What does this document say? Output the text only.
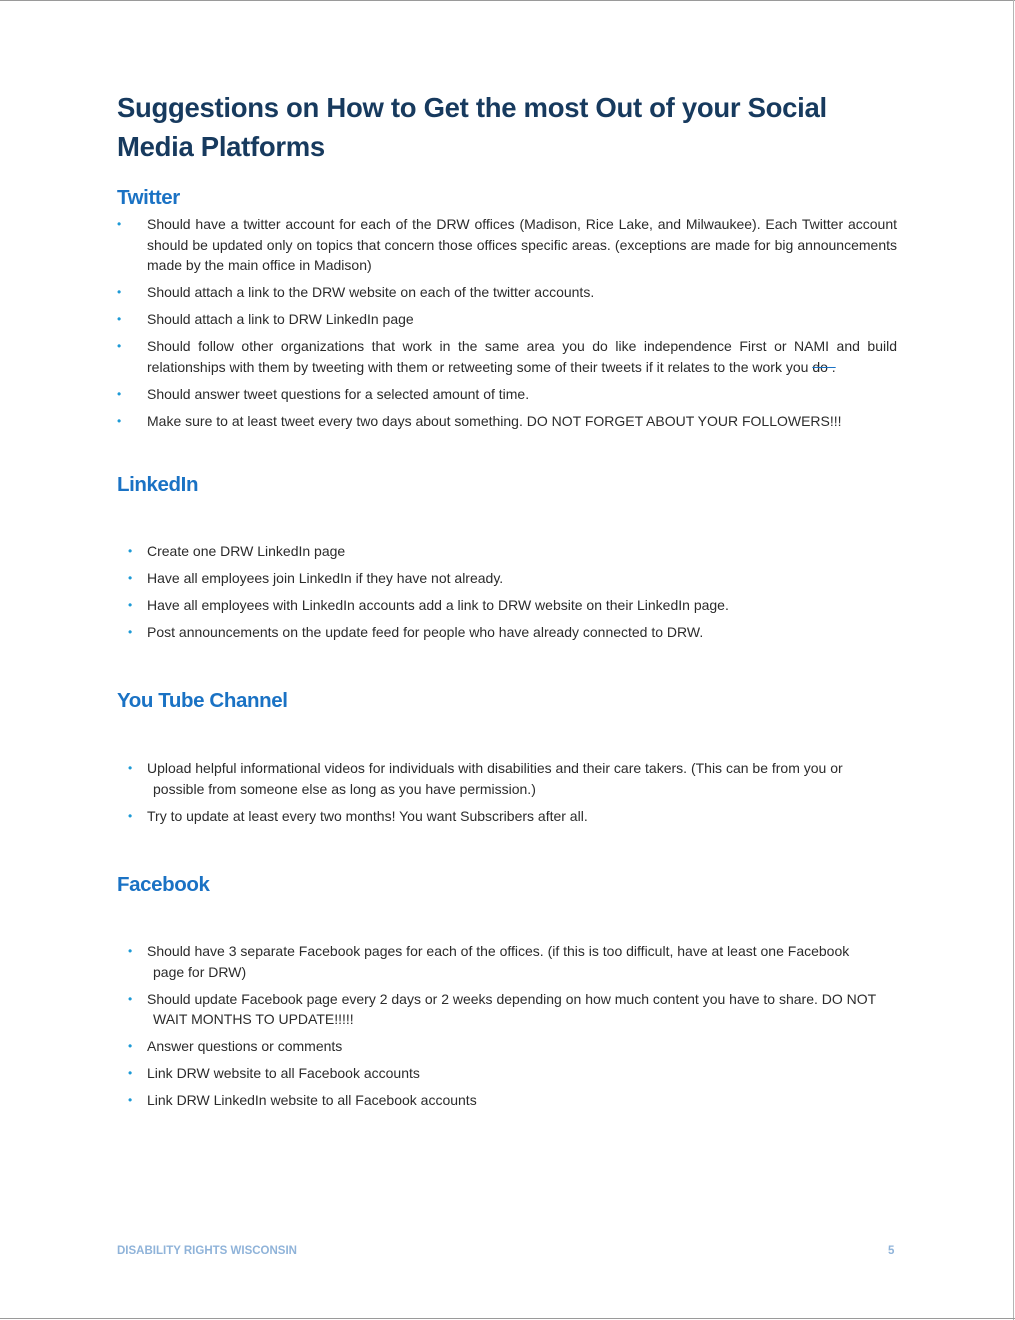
Suggestions on How to Get the most Out of your Social Media Platforms
Twitter
• Should have a twitter account for each of the DRW offices (Madison, Rice Lake, and Milwaukee). Each Twitter account should be updated only on topics that concern those offices specific areas. (exceptions are made for big announcements made by the main office in Madison)
• Should attach a link to the DRW website on each of the twitter accounts.
• Should attach a link to DRW LinkedIn page
• Should follow other organizations that work in the same area you do like independence First or NAMI and build relationships with them by tweeting with them or retweeting some of their tweets if it relates to the work you do .
• Should answer tweet questions for a selected amount of time.
• Make sure to at least tweet every two days about something. DO NOT FORGET ABOUT YOUR FOLLOWERS!!!
LinkedIn
• Create one DRW LinkedIn page
• Have all employees join LinkedIn if they have not already.
• Have all employees with LinkedIn accounts add a link to DRW website on their LinkedIn page.
• Post announcements on the update feed for people who have already connected to DRW.
You Tube Channel
• Upload helpful informational videos for individuals with disabilities and their care takers. (This can be from you or
possible from someone else as long as you have permission.)
• Try to update at least every two months! You want Subscribers after all.
Facebook
• Should have 3 separate Facebook pages for each of the offices. (if this is too difficult, have at least one Facebook
page for DRW)
• Should update Facebook page every 2 days or 2 weeks depending on how much content you have to share. DO NOT
WAIT MONTHS TO UPDATE!!!!!
• Answer questions or comments
• Link DRW website to all Facebook accounts
• Link DRW LinkedIn website to all Facebook accounts
DISABILITY RIGHTS WISCONSIN	5
